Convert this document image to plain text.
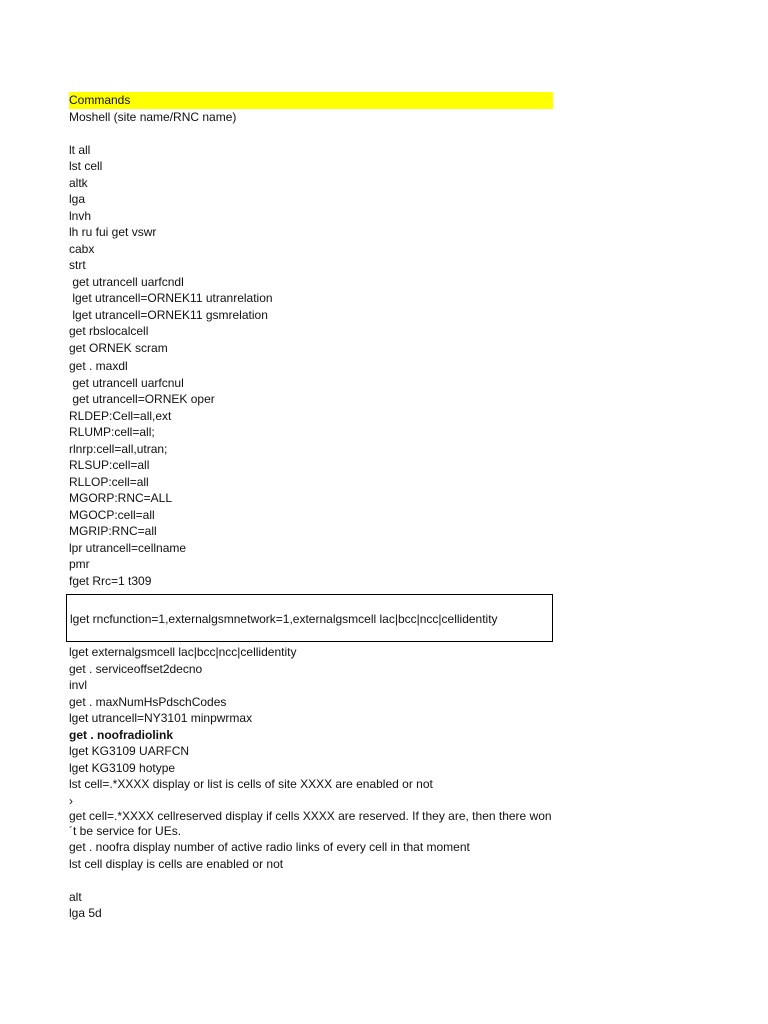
Commands
Moshell (site name/RNC name)
lt all
lst cell
altk
lga
lnvh
lh ru fui get vswr
cabx
strt
get utrancell uarfcndl
lget utrancell=ORNEK11 utranrelation
lget utrancell=ORNEK11 gsmrelation
get rbslocalcell
get ORNEK scram
get . maxdl
get utrancell uarfcnul
get utrancell=ORNEK oper
RLDEP:Cell=all,ext
RLUMP:cell=all;
rlnrp:cell=all,utran;
RLSUP:cell=all
RLLOP:cell=all
MGORP:RNC=ALL
MGOCP:cell=all
MGRIP:RNC=all
lpr utrancell=cellname
pmr
fget Rrc=1 t309
lget rncfunction=1,externalgsmnetwork=1,externalgsmcell lac|bcc|ncc|cellidentity
lget externalgsmcell lac|bcc|ncc|cellidentity
get . serviceoffset2decno
invl
get . maxNumHsPdschCodes
lget utrancell=NY3101 minpwrmax
get . noofradiolink
lget KG3109 UARFCN
lget KG3109 hotype
lst cell=.*XXXX display or list is cells of site XXXX are enabled or not
›
get cell=.*XXXX cellreserved display if cells XXXX are reserved. If they are, then there won´t be service for UEs.
get . noofra display number of active radio links of every cell in that moment
lst cell display is cells are enabled or not
alt
lga 5d
